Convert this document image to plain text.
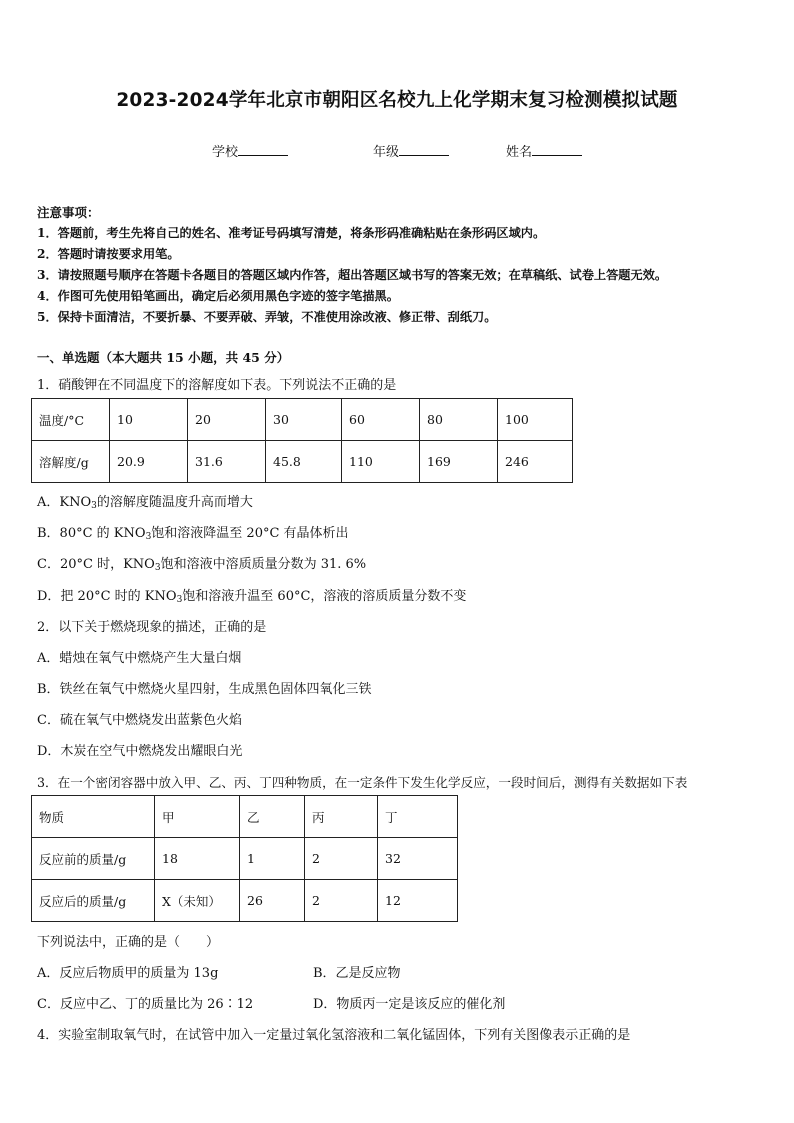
2023-2024学年北京市朝阳区名校九上化学期末复习检测模拟试题
学校	年级	姓名
注意事项：
1．答题前，考生先将自己的姓名、准考证号码填写清楚，将条形码准确粘贴在条形码区域内。
2．答题时请按要求用笔。
3．请按照题号顺序在答题卡各题目的答题区域内作答，超出答题区域书写的答案无效；在草稿纸、试卷上答题无效。
4．作图可先使用铅笔画出，确定后必须用黑色字迹的签字笔描黑。
5．保持卡面清洁，不要折暴、不要弄破、弄皱，不准使用涂改液、修正带、刮纸刀。
一、单选题（本大题共 15 小题，共 45 分）
1．硝酸钾在不同温度下的溶解度如下表。下列说法不正确的是
温度/°C	10	20	30	60	80	100
溶解度/g	20.9	31.6	45.8	110	169	246
A．$KNO_3$的溶解度随温度升高而增大
B．80°C 的 $KNO_3$饱和溶液降温至 20°C 有晶体析出
C．20°C 时，$KNO_3$饱和溶液中溶质质量分数为 31. 6%
D．把 20°C 时的 $KNO_3$饱和溶液升温至 60°C，溶液的溶质质量分数不变
2．以下关于燃烧现象的描述，正确的是
A．蜡烛在氧气中燃烧产生大量白烟
B．铁丝在氧气中燃烧火星四射，生成黑色固体四氧化三铁
C．硫在氧气中燃烧发出蓝紫色火焰
D．木炭在空气中燃烧发出耀眼白光
3．在一个密闭容器中放入甲、乙、丙、丁四种物质，在一定条件下发生化学反应，一段时间后，测得有关数据如下表
物质	甲	乙	丙	丁
反应前的质量/g	18	1	2	32
反应后的质量/g	X（未知）	26	2	12
下列说法中，正确的是（　　）
A．反应后物质甲的质量为 13g	B．乙是反应物
C．反应中乙、丁的质量比为 26∶12	D．物质丙一定是该反应的催化剂
4．实验室制取氧气时，在试管中加入一定量过氧化氢溶液和二氧化锰固体，下列有关图像表示正确的是
